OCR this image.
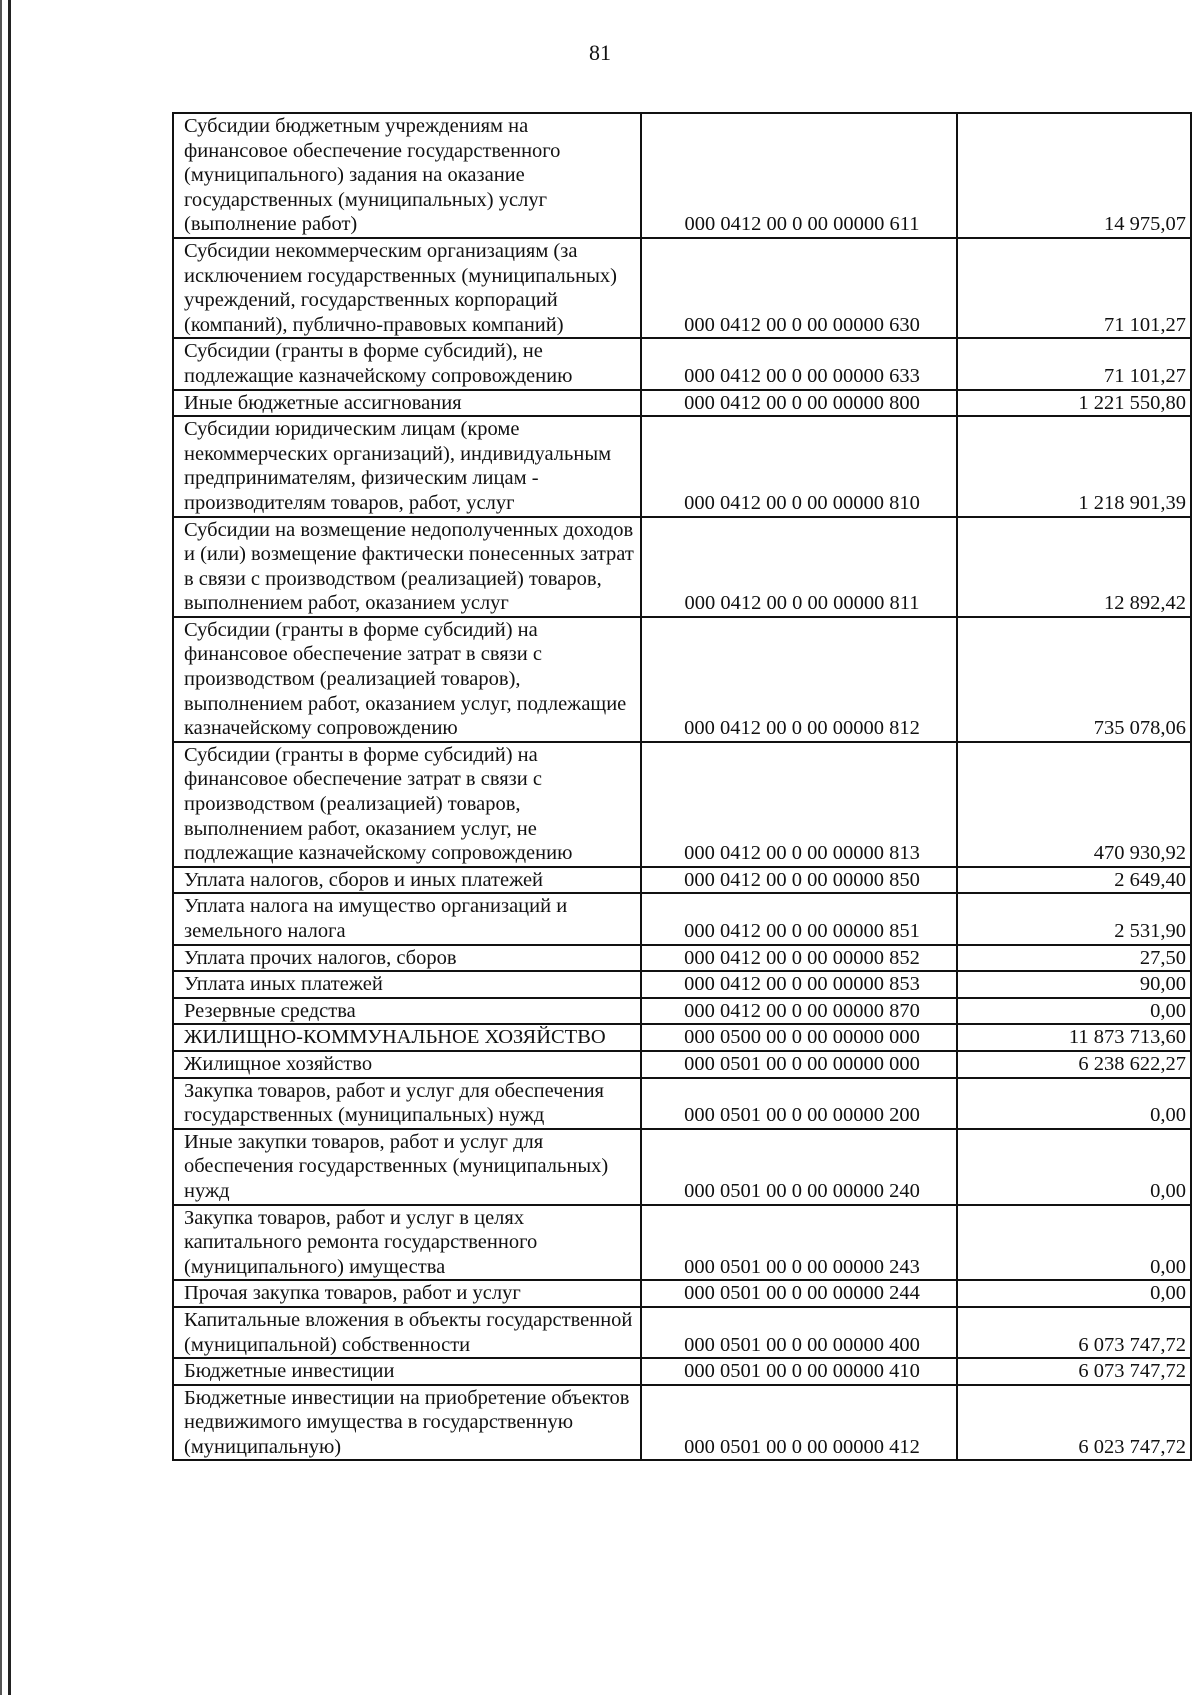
81
Субсидии бюджетным учреждениям на финансовое обеспечение государственного (муниципального) задания на оказание государственных (муниципальных) услуг (выполнение работ)	000 0412 00 0 00 00000 611	14 975,07
Субсидии некоммерческим организациям (за исключением государственных (муниципальных) учреждений, государственных корпораций (компаний), публично-правовых компаний)	000 0412 00 0 00 00000 630	71 101,27
Субсидии (гранты в форме субсидий), не подлежащие казначейскому сопровождению	000 0412 00 0 00 00000 633	71 101,27
Иные бюджетные ассигнования	000 0412 00 0 00 00000 800	1 221 550,80
Субсидии юридическим лицам (кроме некоммерческих организаций), индивидуальным предпринимателям, физическим лицам - производителям товаров, работ, услуг	000 0412 00 0 00 00000 810	1 218 901,39
Субсидии на возмещение недополученных доходов и (или) возмещение фактически понесенных затрат в связи с производством (реализацией) товаров, выполнением работ, оказанием услуг	000 0412 00 0 00 00000 811	12 892,42
Субсидии (гранты в форме субсидий) на финансовое обеспечение затрат в связи с производством (реализацией товаров), выполнением работ, оказанием услуг, подлежащие казначейскому сопровождению	000 0412 00 0 00 00000 812	735 078,06
Субсидии (гранты в форме субсидий) на финансовое обеспечение затрат в связи с производством (реализацией) товаров, выполнением работ, оказанием услуг, не подлежащие казначейскому сопровождению	000 0412 00 0 00 00000 813	470 930,92
Уплата налогов, сборов и иных платежей	000 0412 00 0 00 00000 850	2 649,40
Уплата налога на имущество организаций и земельного налога	000 0412 00 0 00 00000 851	2 531,90
Уплата прочих налогов, сборов	000 0412 00 0 00 00000 852	27,50
Уплата иных платежей	000 0412 00 0 00 00000 853	90,00
Резервные средства	000 0412 00 0 00 00000 870	0,00
ЖИЛИЩНО-КОММУНАЛЬНОЕ ХОЗЯЙСТВО	000 0500 00 0 00 00000 000	11 873 713,60
Жилищное хозяйство	000 0501 00 0 00 00000 000	6 238 622,27
Закупка товаров, работ и услуг для обеспечения государственных (муниципальных) нужд	000 0501 00 0 00 00000 200	0,00
Иные закупки товаров, работ и услуг для обеспечения государственных (муниципальных) нужд	000 0501 00 0 00 00000 240	0,00
Закупка товаров, работ и услуг в целях капитального ремонта государственного (муниципального) имущества	000 0501 00 0 00 00000 243	0,00
Прочая закупка товаров, работ и услуг	000 0501 00 0 00 00000 244	0,00
Капитальные вложения в объекты государственной (муниципальной) собственности	000 0501 00 0 00 00000 400	6 073 747,72
Бюджетные инвестиции	000 0501 00 0 00 00000 410	6 073 747,72
Бюджетные инвестиции на приобретение объектов недвижимого имущества в государственную (муниципальную)	000 0501 00 0 00 00000 412	6 023 747,72
